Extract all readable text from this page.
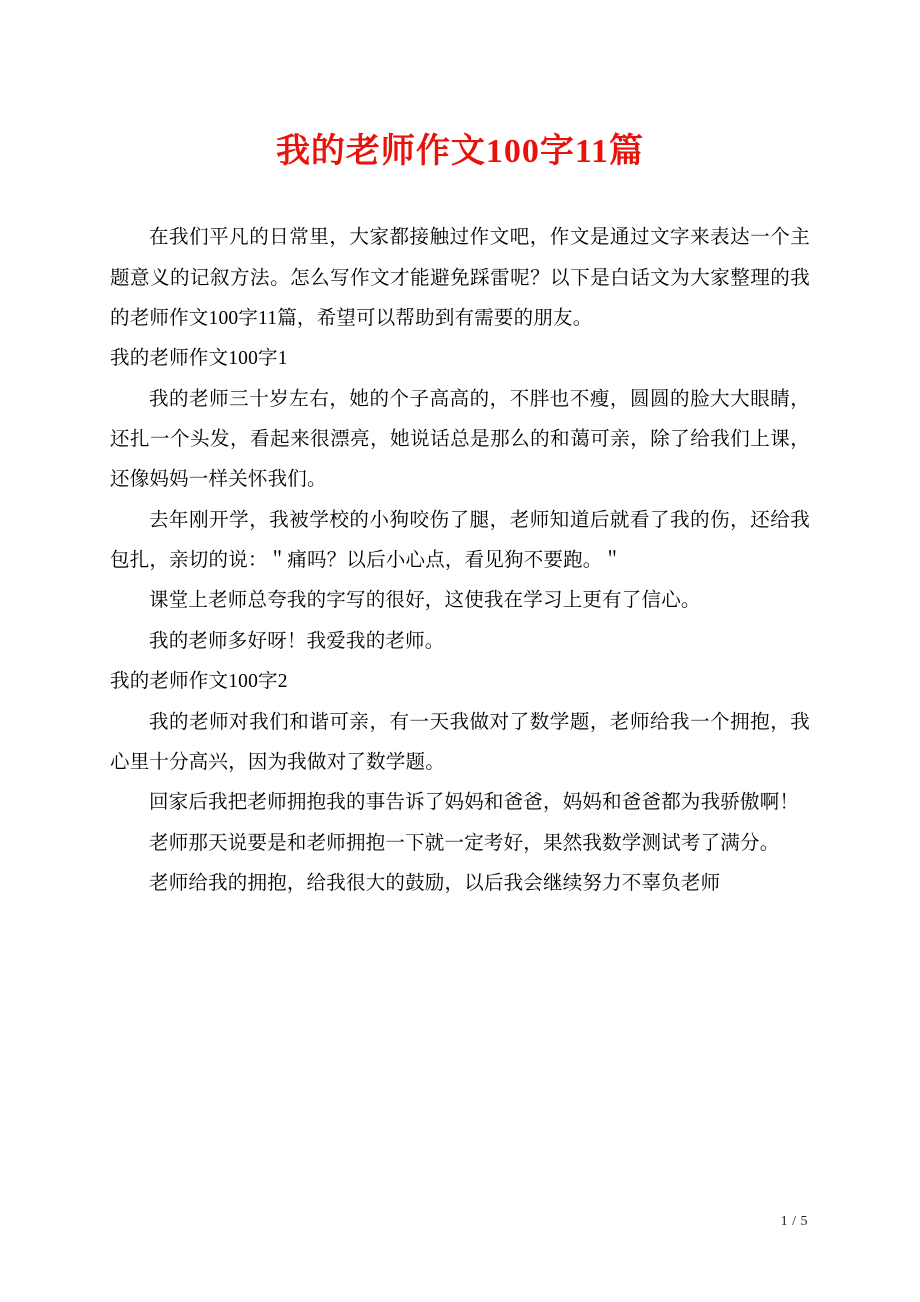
我的老师作文100字11篇

在我们平凡的日常里，大家都接触过作文吧，作文是通过文字来表达一个主题意义的记叙方法。怎么写作文才能避免踩雷呢？以下是白话文为大家整理的我的老师作文100字11篇，希望可以帮助到有需要的朋友。

我的老师作文100字1

我的老师三十岁左右，她的个子高高的，不胖也不瘦，圆圆的脸大大眼睛，还扎一个头发，看起来很漂亮，她说话总是那么的和蔼可亲，除了给我们上课，还像妈妈一样关怀我们。

去年刚开学，我被学校的小狗咬伤了腿，老师知道后就看了我的伤，还给我包扎，亲切的说：＂痛吗？以后小心点，看见狗不要跑。＂

课堂上老师总夸我的字写的很好，这使我在学习上更有了信心。

我的老师多好呀！我爱我的老师。

我的老师作文100字2

我的老师对我们和谐可亲，有一天我做对了数学题，老师给我一个拥抱，我心里十分高兴，因为我做对了数学题。

回家后我把老师拥抱我的事告诉了妈妈和爸爸，妈妈和爸爸都为我骄傲啊！

老师那天说要是和老师拥抱一下就一定考好，果然我数学测试考了满分。

老师给我的拥抱，给我很大的鼓励，以后我会继续努力不辜负老师

1 / 5
